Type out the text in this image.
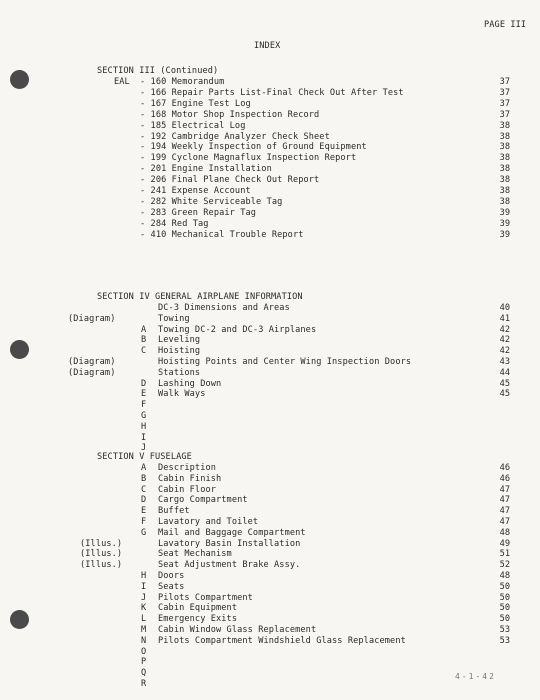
PAGE III
INDEX
SECTION III (Continued)
EAL - 160 Memorandum	37
- 166 Repair Parts List-Final Check Out After Test	37
- 167 Engine Test Log	37
- 168 Motor Shop Inspection Record	37
- 185 Electrical Log	38
- 192 Cambridge Analyzer Check Sheet	38
- 194 Weekly Inspection of Ground Equipment	38
- 199 Cyclone Magnaflux Inspection Report	38
- 201 Engine Installation	38
- 206 Final Plane Check Out Report	38
- 241 Expense Account	38
- 282 White Serviceable Tag	38
- 283 Green Repair Tag	39
- 284 Red Tag	39
- 410 Mechanical Trouble Report	39
SECTION IV GENERAL AIRPLANE INFORMATION
DC-3 Dimensions and Areas	40
(Diagram)	Towing	41
A Towing DC-2 and DC-3 Airplanes	42
B Leveling	42
C Hoisting	42
(Diagram)	Hoisting Points and Center Wing Inspection Doors	43
(Diagram)	Stations	44
D Lashing Down	45
E Walk Ways	45
F
G
H
I
J
SECTION V FUSELAGE
A Description	46
B Cabin Finish	46
C Cabin Floor	47
D Cargo Compartment	47
E Buffet	47
F Lavatory and Toilet	47
G Mail and Baggage Compartment	48
(Illus.)	Lavatory Basin Installation	49
(Illus.)	Seat Mechanism	51
(Illus.)	Seat Adjustment Brake Assy.	52
H Doors	48
I Seats	50
J Pilots Compartment	50
K Cabin Equipment	50
L Emergency Exits	50
M Cabin Window Glass Replacement	53
N Pilots Compartment Windshield Glass Replacement	53
O
P
Q
R
4-1-42
